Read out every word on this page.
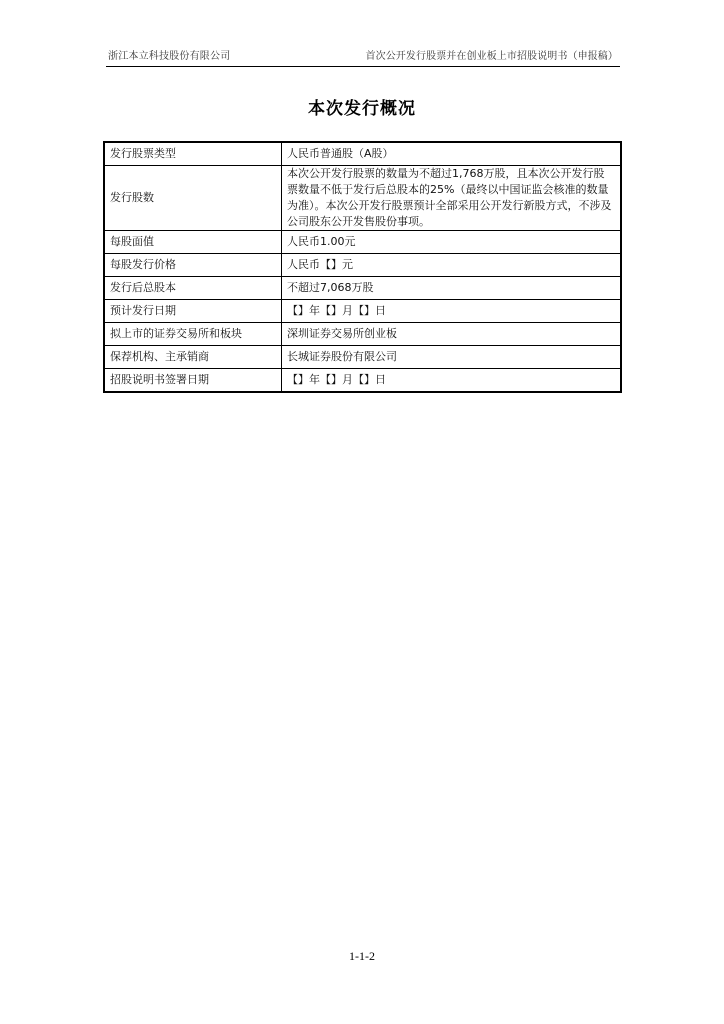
浙江本立科技股份有限公司	首次公开发行股票并在创业板上市招股说明书（申报稿）
本次发行概况
发行股票类型	人民币普通股（A股）
发行股数	本次公开发行股票的数量为不超过1,768万股，且本次公开发行股票数量不低于发行后总股本的25%（最终以中国证监会核准的数量为准）。本次公开发行股票预计全部采用公开发行新股方式，不涉及公司股东公开发售股份事项。
每股面值	人民币1.00元
每股发行价格	人民币【】元
发行后总股本	不超过7,068万股
预计发行日期	【】年【】月【】日
拟上市的证券交易所和板块	深圳证券交易所创业板
保荐机构、主承销商	长城证券股份有限公司
招股说明书签署日期	【】年【】月【】日
1-1-2
